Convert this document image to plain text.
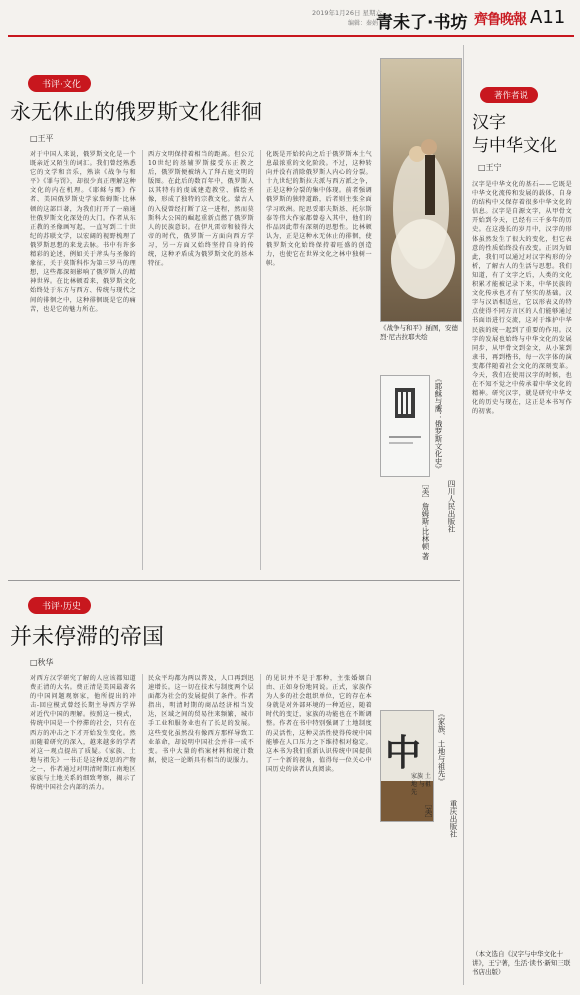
2019年1月26日 星期六
编辑：秦娟
青未了·书坊 齊鲁晚報 A11
书评·文化
永无休止的俄罗斯文化徘徊
□王平
对于中国人来说，俄罗斯文化是一个既亲近又陌生的词汇。我们曾经熟悉它的文学和音乐，熟读《战争与和平》《罪与罚》，却很少真正理解这种文化的内在机理。《耶稣与鹰》作者、美国俄罗斯史学家詹姆斯·比林顿的这部巨著，为我们打开了一扇通往俄罗斯文化深处的大门。作者从东正教的圣像画写起，一直写到二十世纪的苏联文学，以宏阔的视野梳理了俄罗斯思想的来龙去脉。书中有许多精彩的论述，例如关于斧头与圣像的象征，关于莫斯科作为第三罗马的理想，这些都深刻影响了俄罗斯人的精神世界。在比林顿看来，俄罗斯文化始终处于东方与西方、传统与现代之间的徘徊之中，这种徘徊既是它的痛苦，也是它的魅力所在。
西方文明保持着相当的距离。但公元10世纪的基辅罗斯接受东正教之后，俄罗斯便被纳入了拜占庭文明的版图。在此后的数百年中，俄罗斯人以其特有的虔诚建造教堂、描绘圣像，形成了独特的宗教文化。蒙古人的入侵曾经打断了这一进程，然而莫斯科大公国的崛起重新点燃了俄罗斯人的民族意识。在伊凡雷帝和彼得大帝的时代，俄罗斯一方面向西方学习，另一方面又始终坚持自身的传统，这种矛盾成为俄罗斯文化的基本特征。
化既是开始转向之后于俄罗斯本土气息最浓重的文化阶段。不过，这种转向并没有消除俄罗斯人内心的分裂。十九世纪的斯拉夫派与西方派之争，正是这种分裂的集中体现。前者强调俄罗斯的独特道路，后者则主张全面学习欧洲。陀思妥耶夫斯基、托尔斯泰等伟大作家都曾卷入其中，他们的作品因此带有深刻的思想性。比林顿认为，正是这种永无休止的徘徊，使俄罗斯文化始终保持着旺盛的创造力，也使它在世界文化之林中独树一帜。
《战争与和平》插图，安德烈·尼古拉耶夫绘
《耶稣与鹰：俄罗斯文化史》
［美］詹姆斯·比林顿 著 四川人民出版社
书评·历史
并未停滞的帝国
□秋华
对西方汉学研究了解的人应该都知道费正清的大名。费正清是美国最著名的中国问题观察家，他所提出的冲击-回应模式曾经长期主导西方学界对近代中国的理解。按照这一模式，传统中国是一个停滞的社会，只有在西方的冲击之下才开始发生变化。然而随着研究的深入，越来越多的学者对这一观点提出了质疑。《家族、土地与祖先》一书正是这种反思的产物之一，作者通过对明清时期江南地区家族与土地关系的细致考察，揭示了传统中国社会内部的活力。
民众平均都为两以普及，人口再到迅速增长。这一切在技术与制度两个层面都为社会的发展提供了条件。作者指出，明清时期的商品经济相当发达，区域之间的贸易往来频繁，城市手工业和服务业也有了长足的发展。这些变化虽然没有像西方那样导致工业革命，却说明中国社会并非一成不变。书中大量的档案材料和统计数据，使这一论断具有相当的说服力。
的见识并不是于那种，主张婚姻自由、正如身份地同说。正式，家族作为人多的社会组织单位，它的存在本身就是对外部环境的一种适应，随着时代的变迁，家族的功能也在不断调整。作者在书中特别强调了土地制度的灵活性，这种灵活性使得传统中国能够在人口压力之下维持相对稳定。这本书为我们重新认识传统中国提供了一个新的视角，值得每一位关心中国历史的读者认真阅读。	中
家族 土地 与祖先
《家族、土地与祖先》
［美］ 重庆出版社
著作者说
汉字
与中华文化
□王宁
汉字是中华文化的基石——它既是中华文化流传和发展的载体，自身的结构中又保存着很多中华文化的信息。汉字是自源文字，从甲骨文开始到今天，已经有三千多年的历史。在这漫长的岁月中，汉字的形体虽然发生了很大的变化，但它表意的性质始终没有改变。正因为如此，我们可以通过对汉字构形的分析，了解古人的生活与思想。我们知道，有了文字之后，人类的文化积累才能被记录下来，中华民族的文化传承也才有了坚实的基础。汉字与汉语相适应，它以形表义的特点使得不同方言区的人们能够通过书面语进行交流，这对于维护中华民族的统一起到了重要的作用。汉字的发展也始终与中华文化的发展同步，从甲骨文到金文，从小篆到隶书，再到楷书，每一次字体的演变都伴随着社会文化的深刻变革。今天，我们在使用汉字的时候，也在不知不觉之中传承着中华文化的精神。研究汉字，就是研究中华文化的历史与现在，这正是本书写作的初衷。
（本文选自《汉字与中华文化十讲》，王宁著，生活·读书·新知三联书店出版）
